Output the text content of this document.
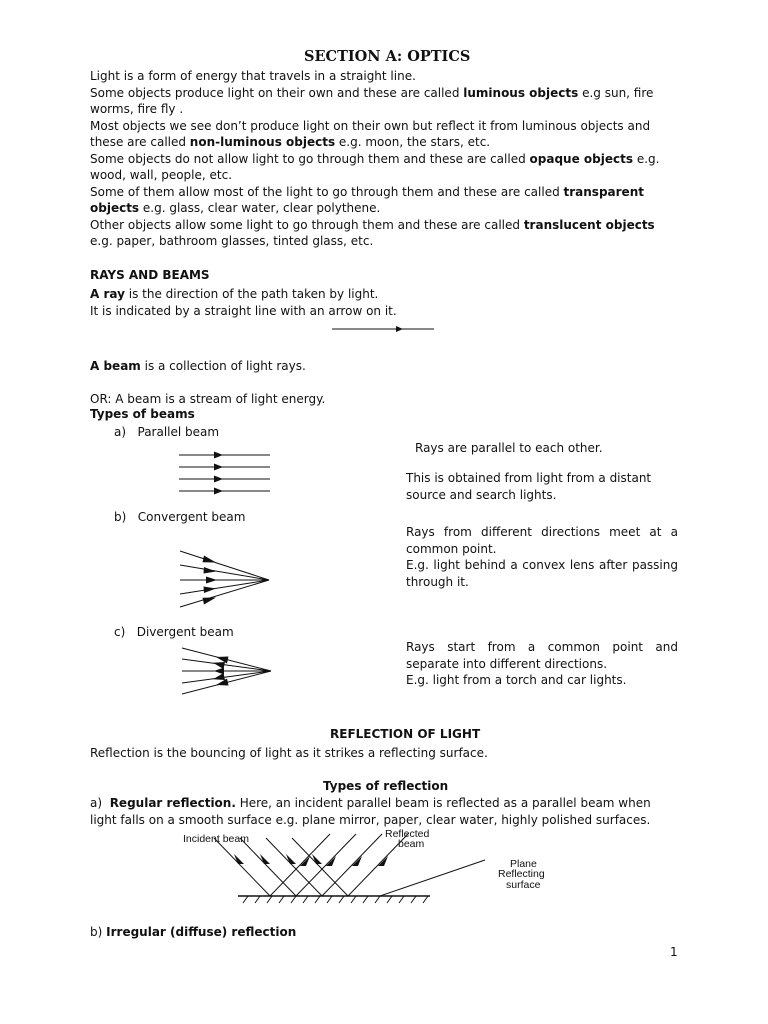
SECTION A: OPTICS
Light is a form of energy that travels in a straight line.
Some objects produce light on their own and these are called luminous objects e.g sun, fire worms, fire fly .
Most objects we see don’t produce light on their own but reflect it from luminous objects and these are called non-luminous objects e.g. moon, the stars, etc.
Some objects do not allow light to go through them and these are called opaque objects e.g. wood, wall, people, etc.
Some of them allow most of the light to go through them and these are called transparent objects e.g. glass, clear water, clear polythene.
Other objects allow some light to go through them and these are called translucent objects e.g. paper, bathroom glasses, tinted glass, etc.
RAYS AND BEAMS
A ray is the direction of the path taken by light.
It is indicated by a straight line with an arrow on it.
A beam is a collection of light rays.
OR: A beam is a stream of light energy.
Types of beams
a) Parallel beam
Rays are parallel to each other.
This is obtained from light from a distant source and search lights.
b) Convergent beam
Rays from different directions meet at a common point.
E.g. light behind a convex lens after passing through it.
c) Divergent beam
Rays start from a common point and separate into different directions.
E.g. light from a torch and car lights.
REFLECTION OF LIGHT
Reflection is the bouncing of light as it strikes a reflecting surface.
Types of reflection
a) Regular reflection. Here, an incident parallel beam is reflected as a parallel beam when light falls on a smooth surface e.g. plane mirror, paper, clear water, highly polished surfaces.
Incident beam	Reflected
beam
Plane
Reflecting
surface
b) Irregular (diffuse) reflection
1
